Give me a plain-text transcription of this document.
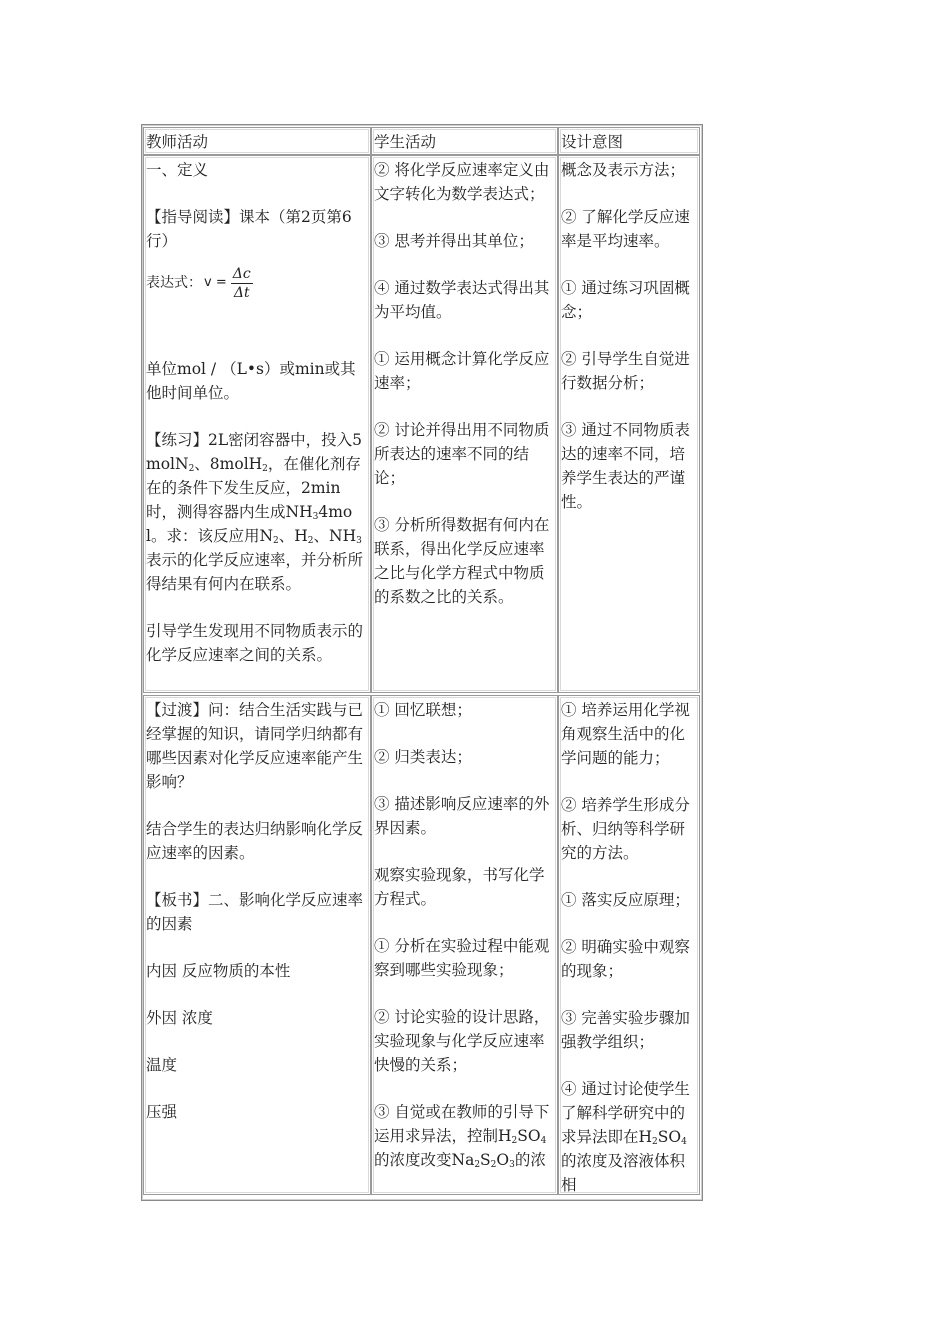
教师活动	学生活动	设计意图

一、定义

【指导阅读】课本（第2页第6行）

表达式： $v = \frac{\Delta c}{\Delta t}$

单位mol / （L•s）或min或其他时间单位。

【练习】2L密闭容器中，投入5molN$_2$、8molH$_2$，在催化剂存在的条件下发生反应，2min时，测得容器内生成$NH_34mol$。求：该反应用$N_2$、$H_2$、$NH_3$表示的化学反应速率，并分析所得结果有何内在联系。

引导学生发现用不同物质表示的化学反应速率之间的关系。

② 将化学反应速率定义由文字转化为数学表达式；

③ 思考并得出其单位；

④ 通过数学表达式得出其为平均值。

① 运用概念计算化学反应速率；

② 讨论并得出用不同物质所表达的速率不同的结论；

③ 分析所得数据有何内在联系，得出化学反应速率之比与化学方程式中物质的系数之比的关系。

概念及表示方法；

② 了解化学反应速率是平均速率。

① 通过练习巩固概念；

② 引导学生自觉进行数据分析；

③ 通过不同物质表达的速率不同，培养学生表达的严谨性。

【过渡】问：结合生活实践与已经掌握的知识，请同学归纳都有哪些因素对化学反应速率能产生影响？

结合学生的表达归纳影响化学反应速率的因素。

【板书】二、影响化学反应速率的因素

内因 反应物质的本性

外因 浓度

温度

压强

① 回忆联想；

② 归类表达；

③ 描述影响反应速率的外界因素。

观察实验现象，书写化学方程式。

① 分析在实验过程中能观察到哪些实验现象；

② 讨论实验的设计思路，实验现象与化学反应速率快慢的关系；

③ 自觉或在教师的引导下运用求异法，控制$H_2SO_4$的浓度改变$Na_2S_2O_3$的浓

① 培养运用化学视角观察生活中的化学问题的能力；

② 培养学生形成分析、归纳等科学研究的方法。

① 落实反应原理；

② 明确实验中观察的现象；

③ 完善实验步骤加强教学组织；

④ 通过讨论使学生了解科学研究中的求异法即在$H_2SO_4$的浓度及溶液体积相
